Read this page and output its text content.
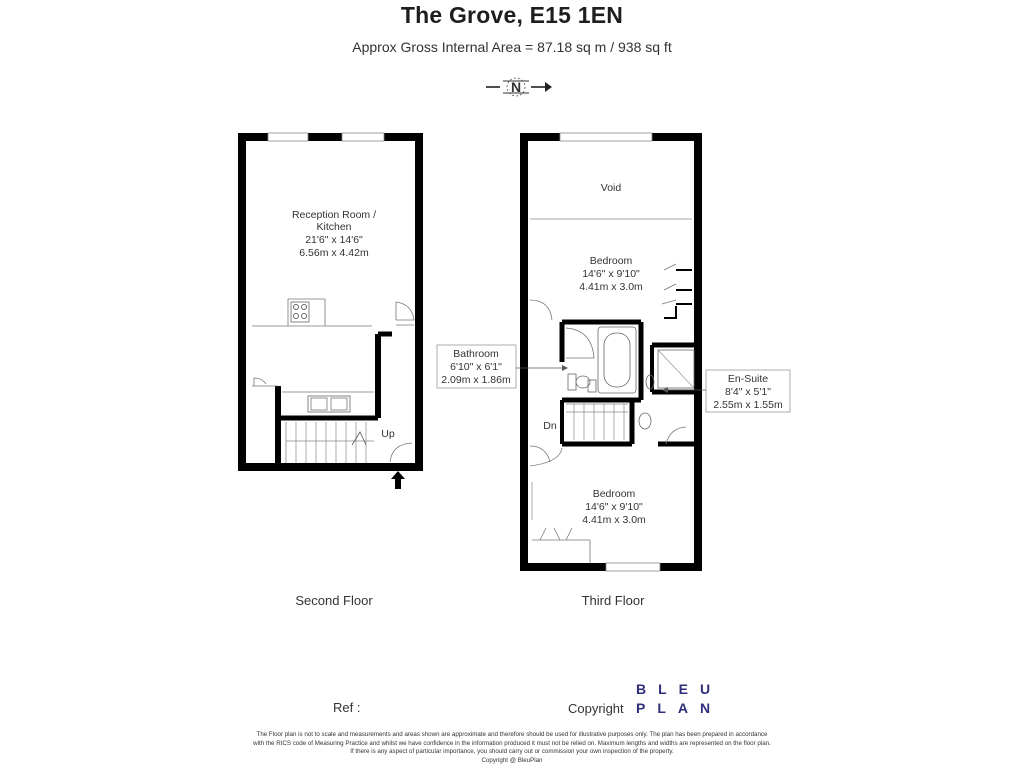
The Grove, E15 1EN
Approx Gross Internal Area = 87.18 sq m / 938 sq ft
N
Reception Room /
Kitchen
21'6" x 14'6"
6.56m x 4.42m
Up
Void
Bedroom
14'6" x 9'10"
4.41m x 3.0m
Dn
Bedroom
14'6" x 9'10"
4.41m x 3.0m
Bathroom
6'10" x 6'1"
2.09m x 1.86m	En-Suite
8'4" x 5'1"
2.55m x 1.55m
Second Floor	Third Floor
Ref :	Copyright
BLEU
PLAN
The Floor plan is not to scale and measurements and areas shown are approximate and therefore should be used for illustrative purposes only. The plan has been prepared in accordance
with the RICS code of Measuring Practice and whilst we have confidence in the information produced it must not be relied on. Maximum lengths and widths are represented on the floor plan.
If there is any aspect of particular importance, you should carry out or commission your own inspection of the property.
Copyright @ BleuPlan
